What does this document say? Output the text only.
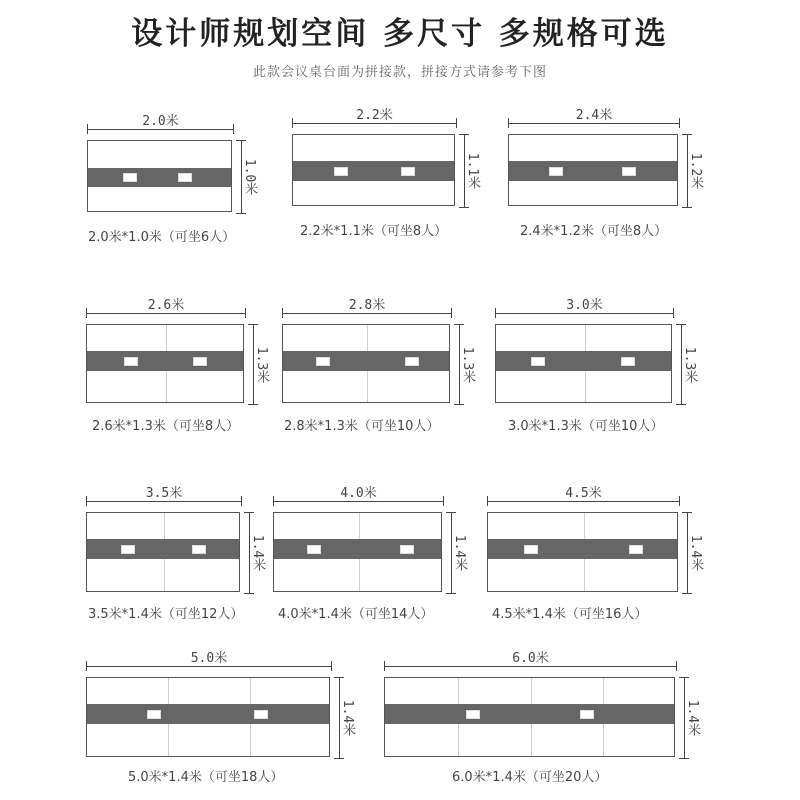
设计师规划空间 多尺寸 多规格可选
此款会议桌台面为拼接款，拼接方式请参考下图
2.0米
1.0米
2.0米*1.0米（可坐6人）
2.2米
1.1米
2.2米*1.1米（可坐8人）
2.4米
1.2米
2.4米*1.2米（可坐8人）
2.6米
1.3米
2.6米*1.3米（可坐8人）
2.8米
1.3米
2.8米*1.3米（可坐10人）
3.0米
1.3米
3.0米*1.3米（可坐10人）
3.5米
1.4米
3.5米*1.4米（可坐12人）
4.0米
1.4米
4.0米*1.4米（可坐14人）
4.5米
1.4米
4.5米*1.4米（可坐16人）
5.0米
1.4米
5.0米*1.4米（可坐18人）
6.0米
1.4米
6.0米*1.4米（可坐20人）
